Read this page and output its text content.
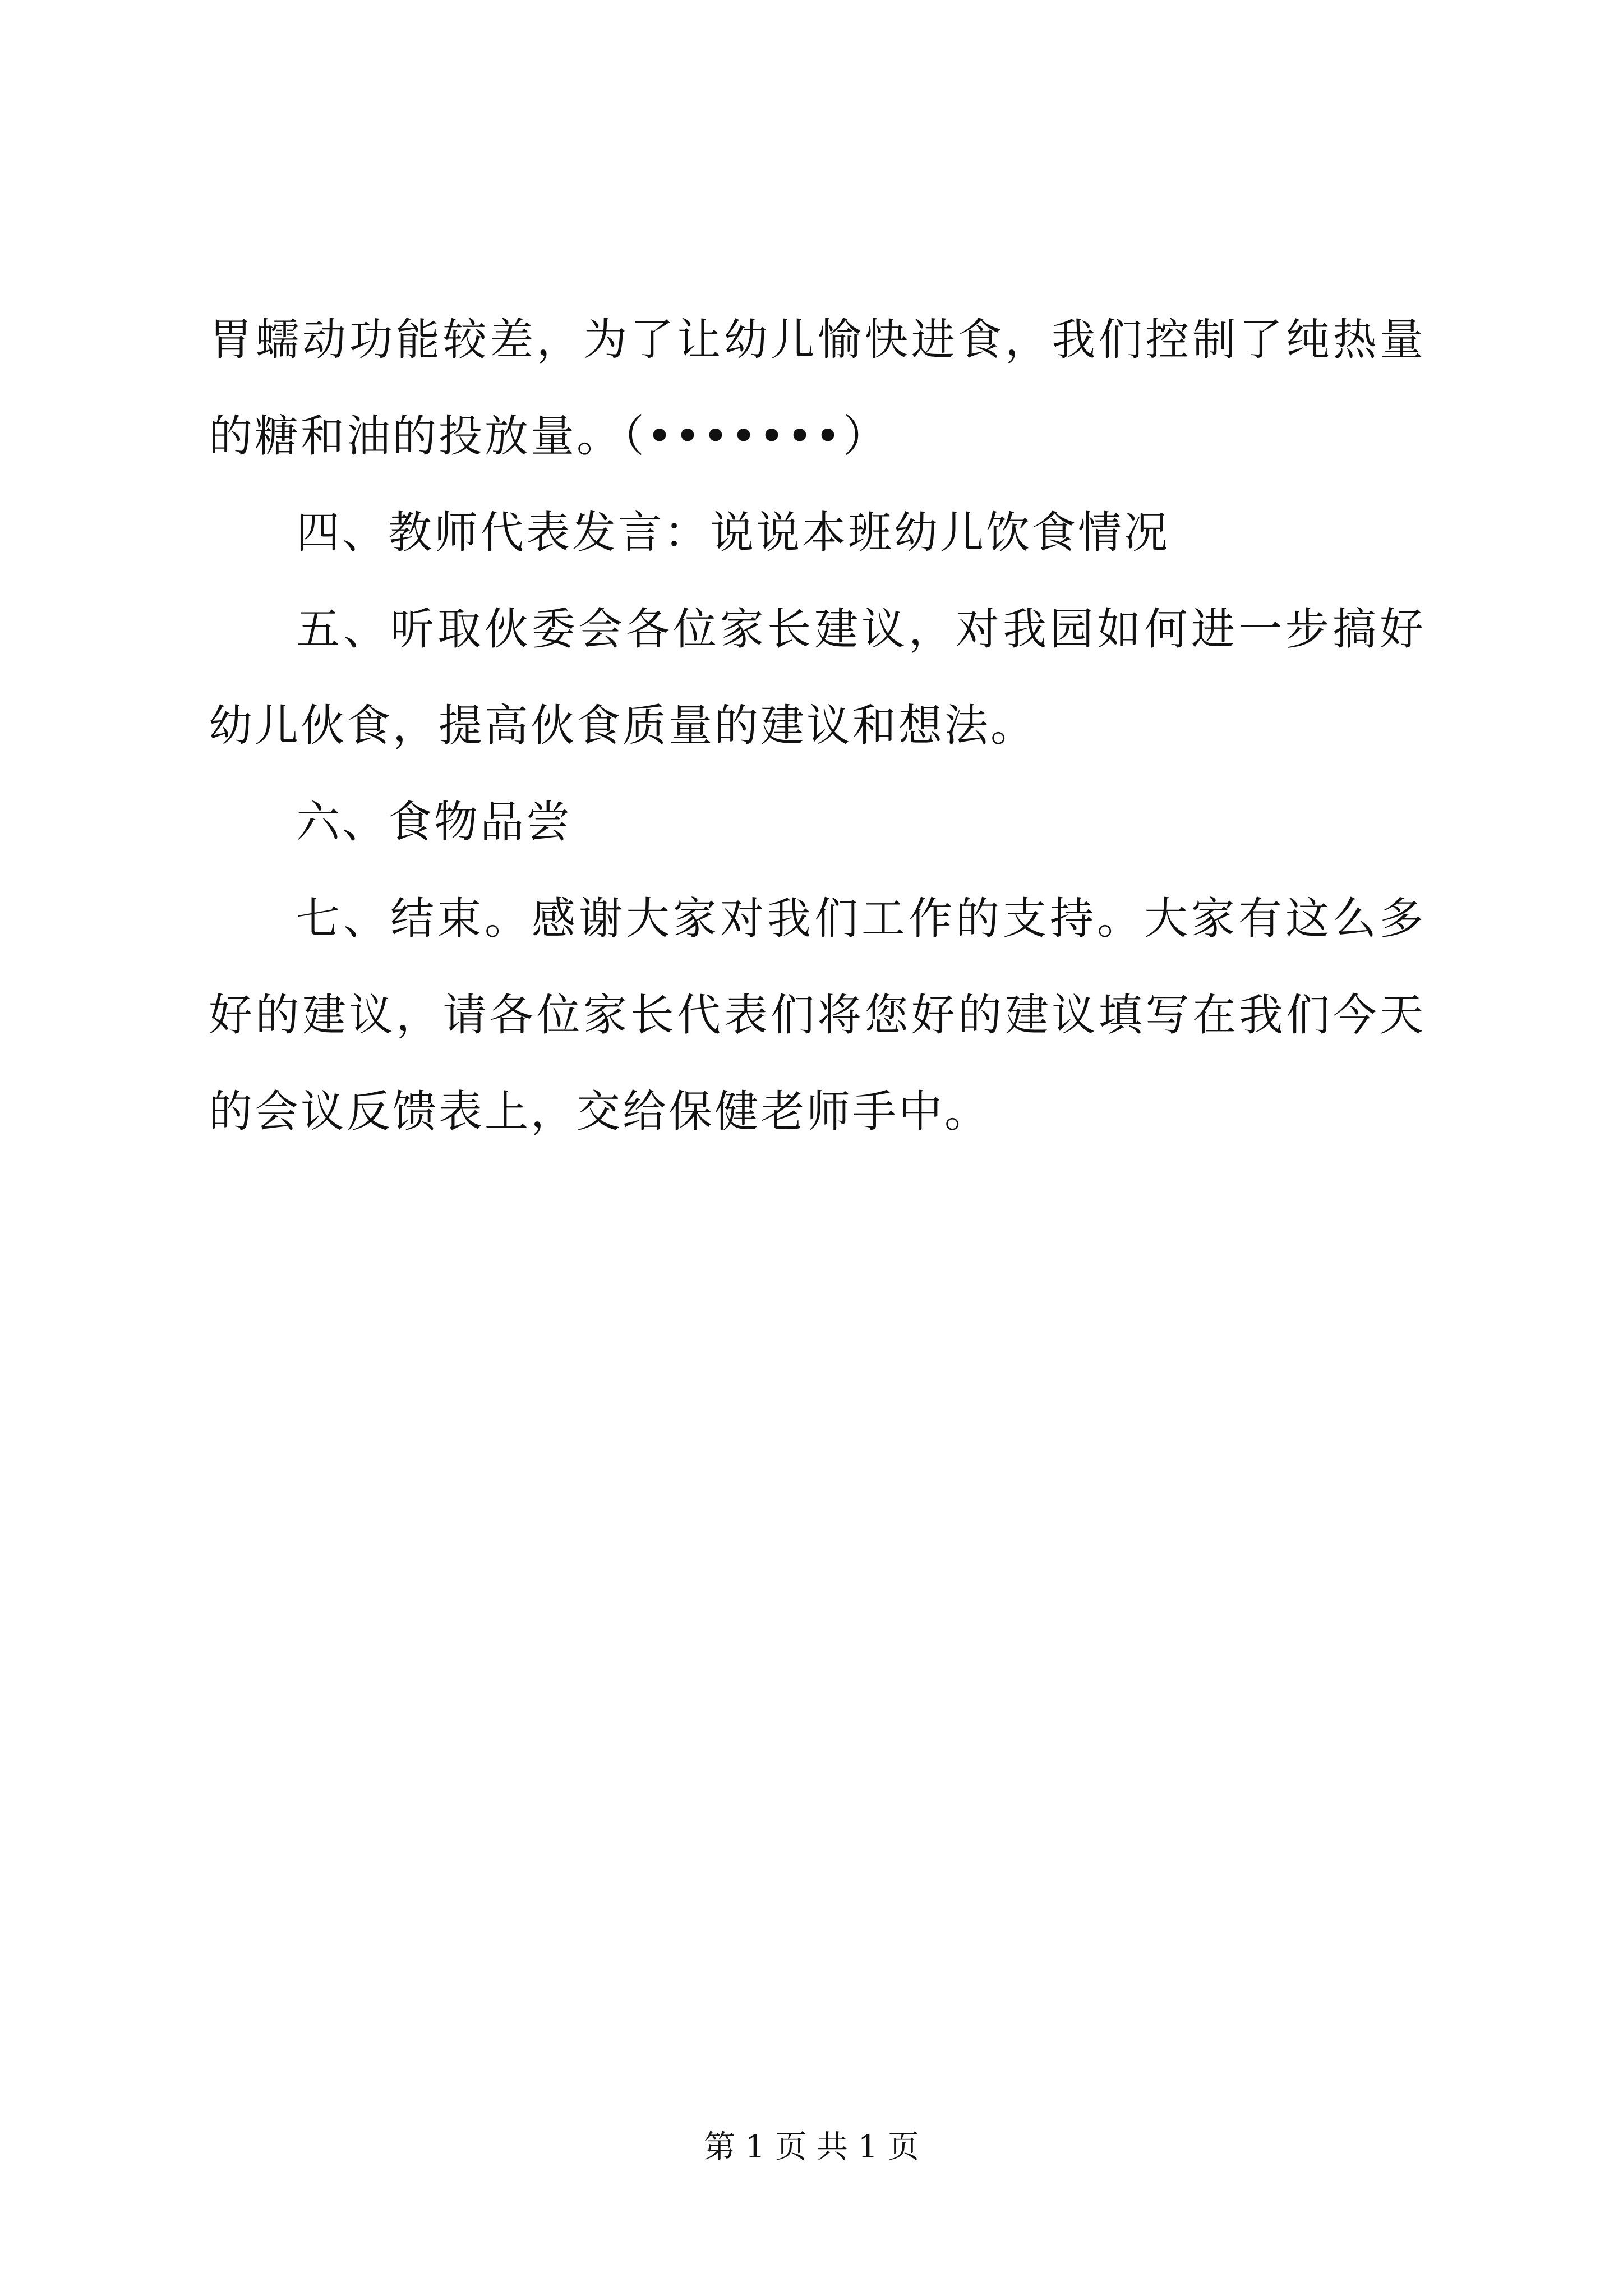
胃蠕动功能较差，为了让幼儿愉快进食，我们控制了纯热量的糖和油的投放量。（•••••••）

四、教师代表发言：说说本班幼儿饮食情况

五、听取伙委会各位家长建议，对我园如何进一步搞好幼儿伙食，提高伙食质量的建议和想法。

六、食物品尝

七、结束。感谢大家对我们工作的支持。大家有这么多好的建议，请各位家长代表们将您好的建议填写在我们今天的会议反馈表上，交给保健老师手中。

第 1 页 共 1 页
